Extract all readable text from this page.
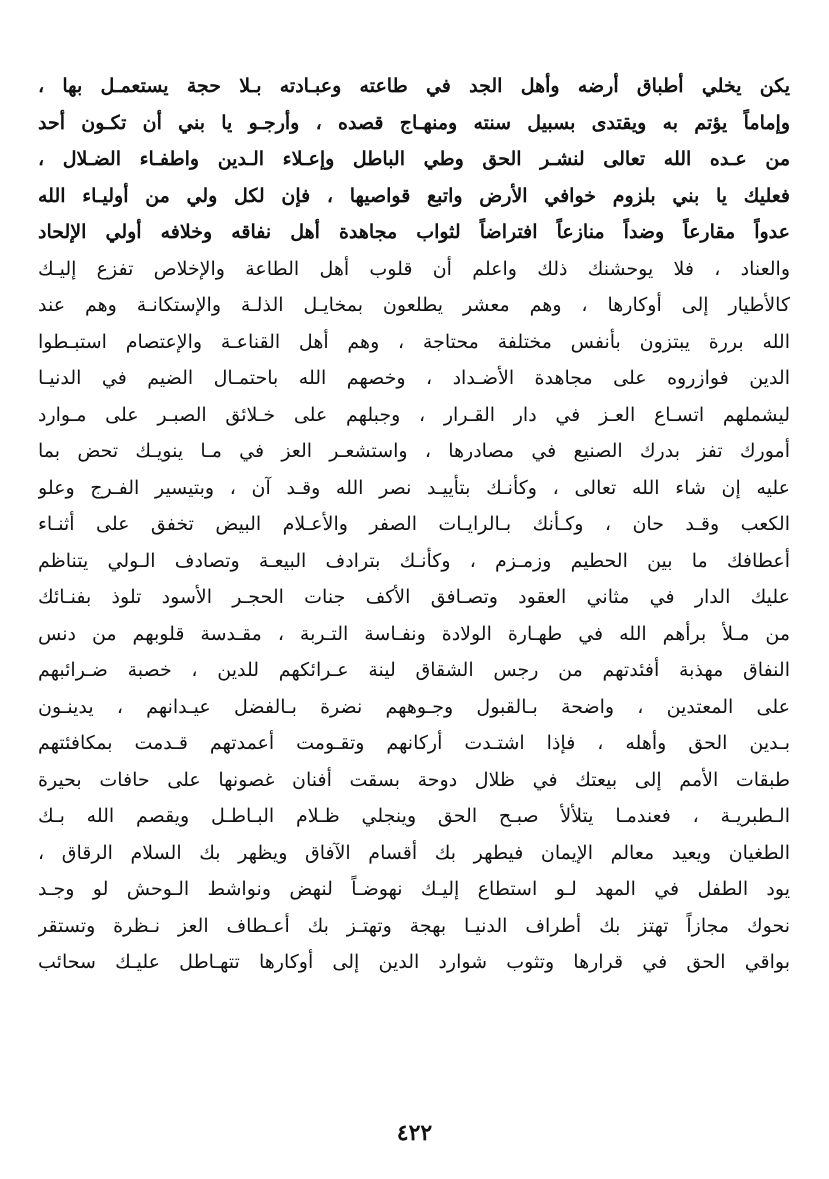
يكن يخلي أطباق أرضه وأهل الجد في طاعته وعبـادته بـلا حجة يستعمـل بها ،
وإماماً يؤتم به ويقتدى بسبيل سنته ومنهـاج قصده ، وأرجـو يا بني أن تكـون أحد
من عـده الله تعالى لنشـر الحق وطي الباطل وإعـلاء الـدين واطفـاء الضـلال ،
فعليك يا بني بلزوم خوافي الأرض واتبع قواصيها ، فإن لكل ولي من أوليـاء الله
عدواً مقارعاً وضداً منازعاً افتراضاً لثواب مجاهدة أهل نفاقه وخلافه أولي الإلحاد
والعناد ، فلا يوحشنك ذلك واعلم أن قلوب أهل الطاعة والإخلاص تفزع إليـك
كالأطيار إلى أوكارها ، وهم معشر يطلعون بمخايـل الذلـة والإستكانـة وهم عند
الله بررة يبتزون بأنفس مختلفة محتاجة ، وهم أهل القناعـة والإعتصام استبـطوا
الدين فوازروه على مجاهدة الأضـداد ، وخصهم الله باحتمـال الضيم في الدنيـا
ليشملهم اتسـاع العـز في دار القـرار ، وجبلهم على خـلائق الصبـر على مـوارد
أمورك تفز بدرك الصنيع في مصادرها ، واستشعـر العز في مـا ينويـك تحض بما
عليه إن شاء الله تعالى ، وكأنـك بتأييـد نصر الله وقـد آن ، وبتيسير الفـرج وعلو
الكعب وقـد حان ، وكـأنك بـالرايـات الصفر والأعـلام البيض تخفق على أثنـاء
أعطافك ما بين الحطيم وزمـزم ، وكأنـك بترادف البيعـة وتصادف الـولي يتناظم
عليك الدار في مثاني العقود وتصـافق الأكف جنات الحجـر الأسود تلوذ بفنـائك
من مـلأ برأهم الله في طهـارة الولادة ونفـاسة التـربة ، مقـدسة قلوبهم من دنس
النفاق مهذبة أفئدتهم من رجس الشقاق لينة عـرائكهم للدين ، خصبة ضـرائبهم
على المعتدين ، واضحة بـالقبول وجـوههم نضرة بـالفضل عيـدانهم ، يدينـون
بـدين الحق وأهله ، فإذا اشتـدت أركانهم وتقـومت أعمدتهم قـدمت بمكافئتهم
طبقات الأمم إلى بيعتك في ظلال دوحة بسقت أفنان غصونها على حافات بحيرة
الـطبريـة ، فعندمـا يتلألأ صبـح الحق وينجلي ظـلام البـاطـل ويقصم الله بـك
الطغيان ويعيد معالم الإيمان فيطهر بك أقسام الآفاق ويظهر بك السلام الرقاق ،
يود الطفل في المهد لـو استطاع إليـك نهوضـاً لنهض ونواشط الـوحش لو وجـد
نحوك مجازاً تهتز بك أطراف الدنيـا بهجة وتهتـز بك أعـطاف العز نـظرة وتستقر
بواقي الحق في قرارها وتثوب شوارد الدين إلى أوكارها تتهـاطل عليـك سحائب
٤٢٢
